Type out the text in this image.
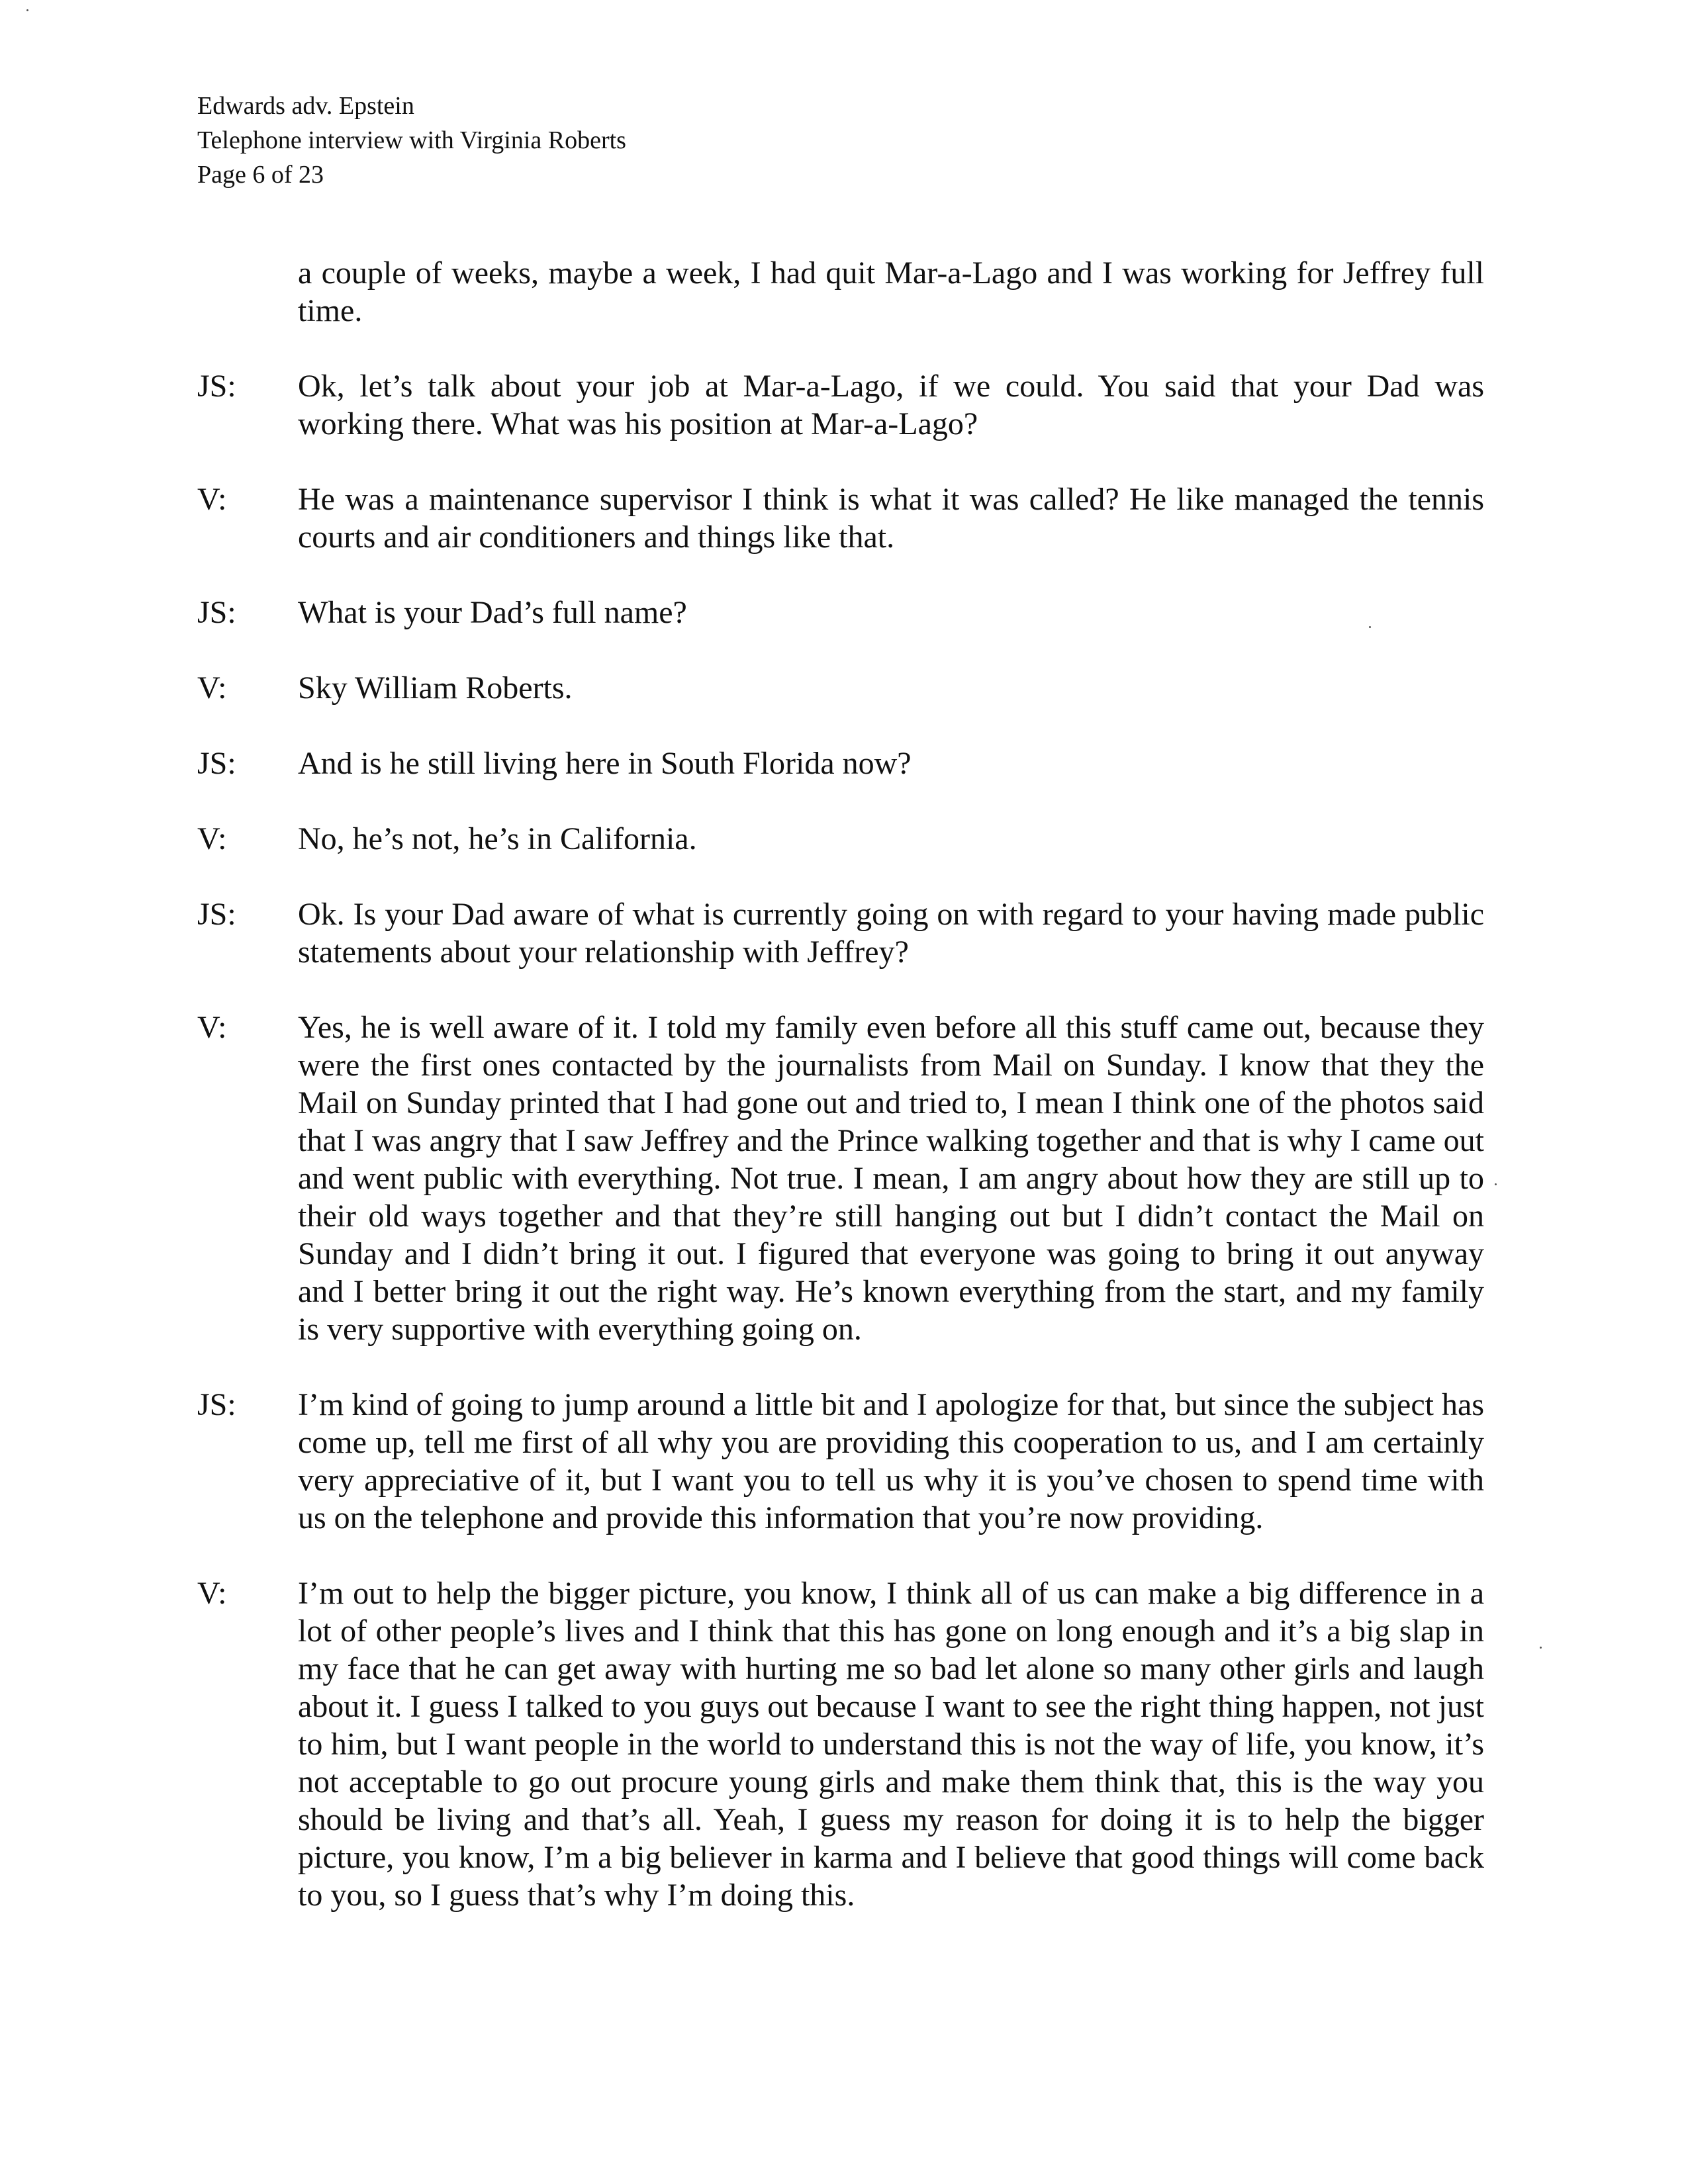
Edwards adv. Epstein
Telephone interview with Virginia Roberts
Page 6 of 23
a couple of weeks, maybe a week, I had quit Mar-a-Lago and I was working for Jeffrey full time.
JS:	Ok, let’s talk about your job at Mar-a-Lago, if we could. You said that your Dad was working there. What was his position at Mar-a-Lago?
V:	He was a maintenance supervisor I think is what it was called? He like managed the tennis courts and air conditioners and things like that.
JS:	What is your Dad’s full name?
V:	Sky William Roberts.
JS:	And is he still living here in South Florida now?
V:	No, he’s not, he’s in California.
JS:	Ok. Is your Dad aware of what is currently going on with regard to your having made public statements about your relationship with Jeffrey?
V:	Yes, he is well aware of it. I told my family even before all this stuff came out, because they were the first ones contacted by the journalists from Mail on Sunday. I know that they the Mail on Sunday printed that I had gone out and tried to, I mean I think one of the photos said that I was angry that I saw Jeffrey and the Prince walking together and that is why I came out and went public with everything. Not true. I mean, I am angry about how they are still up to their old ways together and that they’re still hanging out but I didn’t contact the Mail on Sunday and I didn’t bring it out. I figured that everyone was going to bring it out anyway and I better bring it out the right way. He’s known everything from the start, and my family is very supportive with everything going on.
JS:	I’m kind of going to jump around a little bit and I apologize for that, but since the subject has come up, tell me first of all why you are providing this cooperation to us, and I am certainly very appreciative of it, but I want you to tell us why it is you’ve chosen to spend time with us on the telephone and provide this information that you’re now providing.
V:	I’m out to help the bigger picture, you know, I think all of us can make a big difference in a lot of other people’s lives and I think that this has gone on long enough and it’s a big slap in my face that he can get away with hurting me so bad let alone so many other girls and laugh about it. I guess I talked to you guys out because I want to see the right thing happen, not just to him, but I want people in the world to understand this is not the way of life, you know, it’s not acceptable to go out procure young girls and make them think that, this is the way you should be living and that’s all. Yeah, I guess my reason for doing it is to help the bigger picture, you know, I’m a big believer in karma and I believe that good things will come back to you, so I guess that’s why I’m doing this.
